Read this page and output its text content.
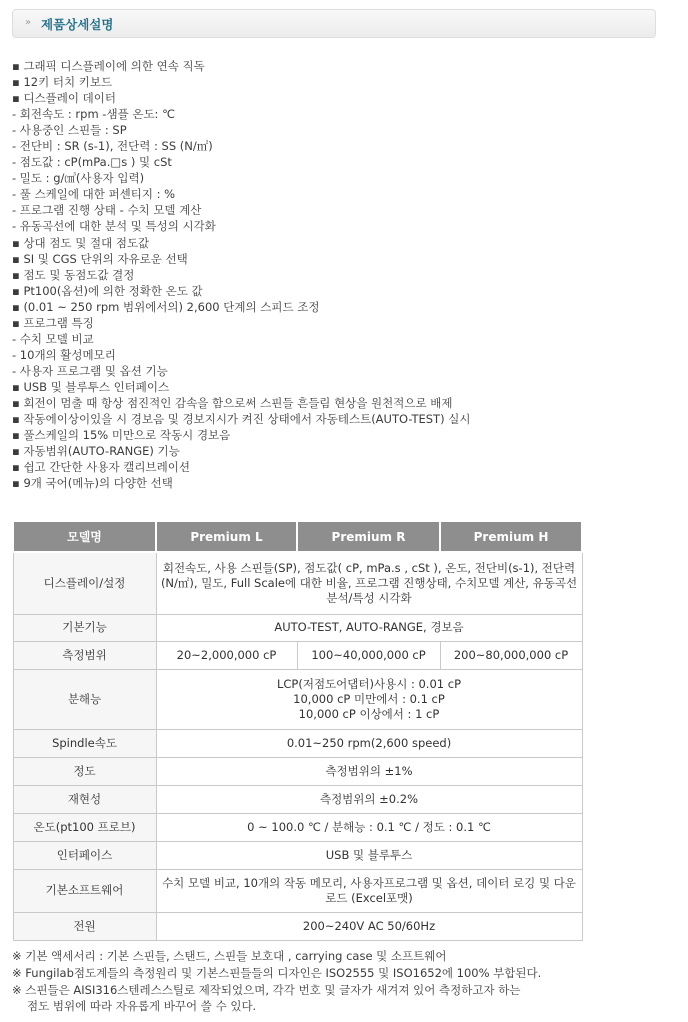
» 제품상세설명
▪ 그래픽 디스플레이에 의한 연속 직독
▪ 12키 터치 키보드
▪ 디스플레이 데이터
- 회전속도 : rpm -샘플 온도: ℃
- 사용중인 스핀들 : SP
- 전단비 : SR (s-1), 전단력 : SS (N/㎡)
- 점도값 : cP(mPa.□s ) 및 cSt
- 밀도 : g/㎤(사용자 입력)
- 풀 스케일에 대한 퍼센티지 : %
- 프로그램 진행 상태 - 수치 모델 계산
- 유동곡선에 대한 분석 및 특성의 시각화
▪ 상대 점도 및 절대 점도값
▪ SI 및 CGS 단위의 자유로운 선택
▪ 점도 및 동점도값 결정
▪ Pt100(옵션)에 의한 정확한 온도 값
▪ (0.01 ~ 250 rpm 범위에서의) 2,600 단계의 스피드 조정
▪ 프로그램 특징
- 수치 모델 비교
- 10개의 활성메모리
- 사용자 프로그램 및 옵션 기능
▪ USB 및 블루투스 인터페이스
▪ 회전이 멈출 때 항상 점진적인 감속을 함으로써 스핀들 흔들림 현상을 원천적으로 배제
▪ 작동에이상이있을 시 경보음 및 경보지시가 켜진 상태에서 자동테스트(AUTO-TEST) 실시
▪ 풀스케일의 15% 미만으로 작동시 경보음
▪ 자동범위(AUTO-RANGE) 기능
▪ 쉽고 간단한 사용자 캘리브레이션
▪ 9개 국어(메뉴)의 다양한 선택
모델명	Premium L	Premium R	Premium H
디스플레이/설정	회전속도, 사용 스핀들(SP), 점도값( cP, mPa.s , cSt ), 온도, 전단비(s-1), 전단력(N/㎡), 밀도, Full Scale에 대한 비율, 프로그램 진행상태, 수치모델 계산, 유동곡선 분석/특성 시각화		
기본기능	AUTO-TEST, AUTO-RANGE, 경보음		
측정범위	20~2,000,000 cP	100~40,000,000 cP	200~80,000,000 cP
분해능	LCP(저점도어댑터)사용시 : 0.01 cP
10,000 cP 미만에서 : 0.1 cP
10,000 cP 이상에서 : 1 cP		

Spindle속도	0.01~250 rpm(2,600 speed)		
정도	측정범위의 ±1%		
재현성	측정범위의 ±0.2%		
온도(pt100 프로브)	0 ~ 100.0 ℃ / 분해능 : 0.1 ℃ / 정도 : 0.1 ℃		
인터페이스	USB 및 블루투스		
기본소프트웨어	수치 모델 비교, 10개의 작동 메모리, 사용자프로그램 및 옵션, 데이터 로깅 및 다운로드 (Excel포맷)		
전원	200~240V AC 50/60Hz		
※ 기본 액세서리 : 기본 스핀들, 스탠드, 스핀들 보호대 , carrying case 및 소프트웨어
※ Fungilab점도계들의 측정원리 및 기본스핀들들의 디자인은 ISO2555 및 ISO1652에 100% 부합된다.
※ 스핀들은 AISI316스텐레스스틸로 제작되었으며, 각각 번호 및 글자가 새겨져 있어 측정하고자 하는
점도 범위에 따라 자유롭게 바꾸어 쓸 수 있다.
